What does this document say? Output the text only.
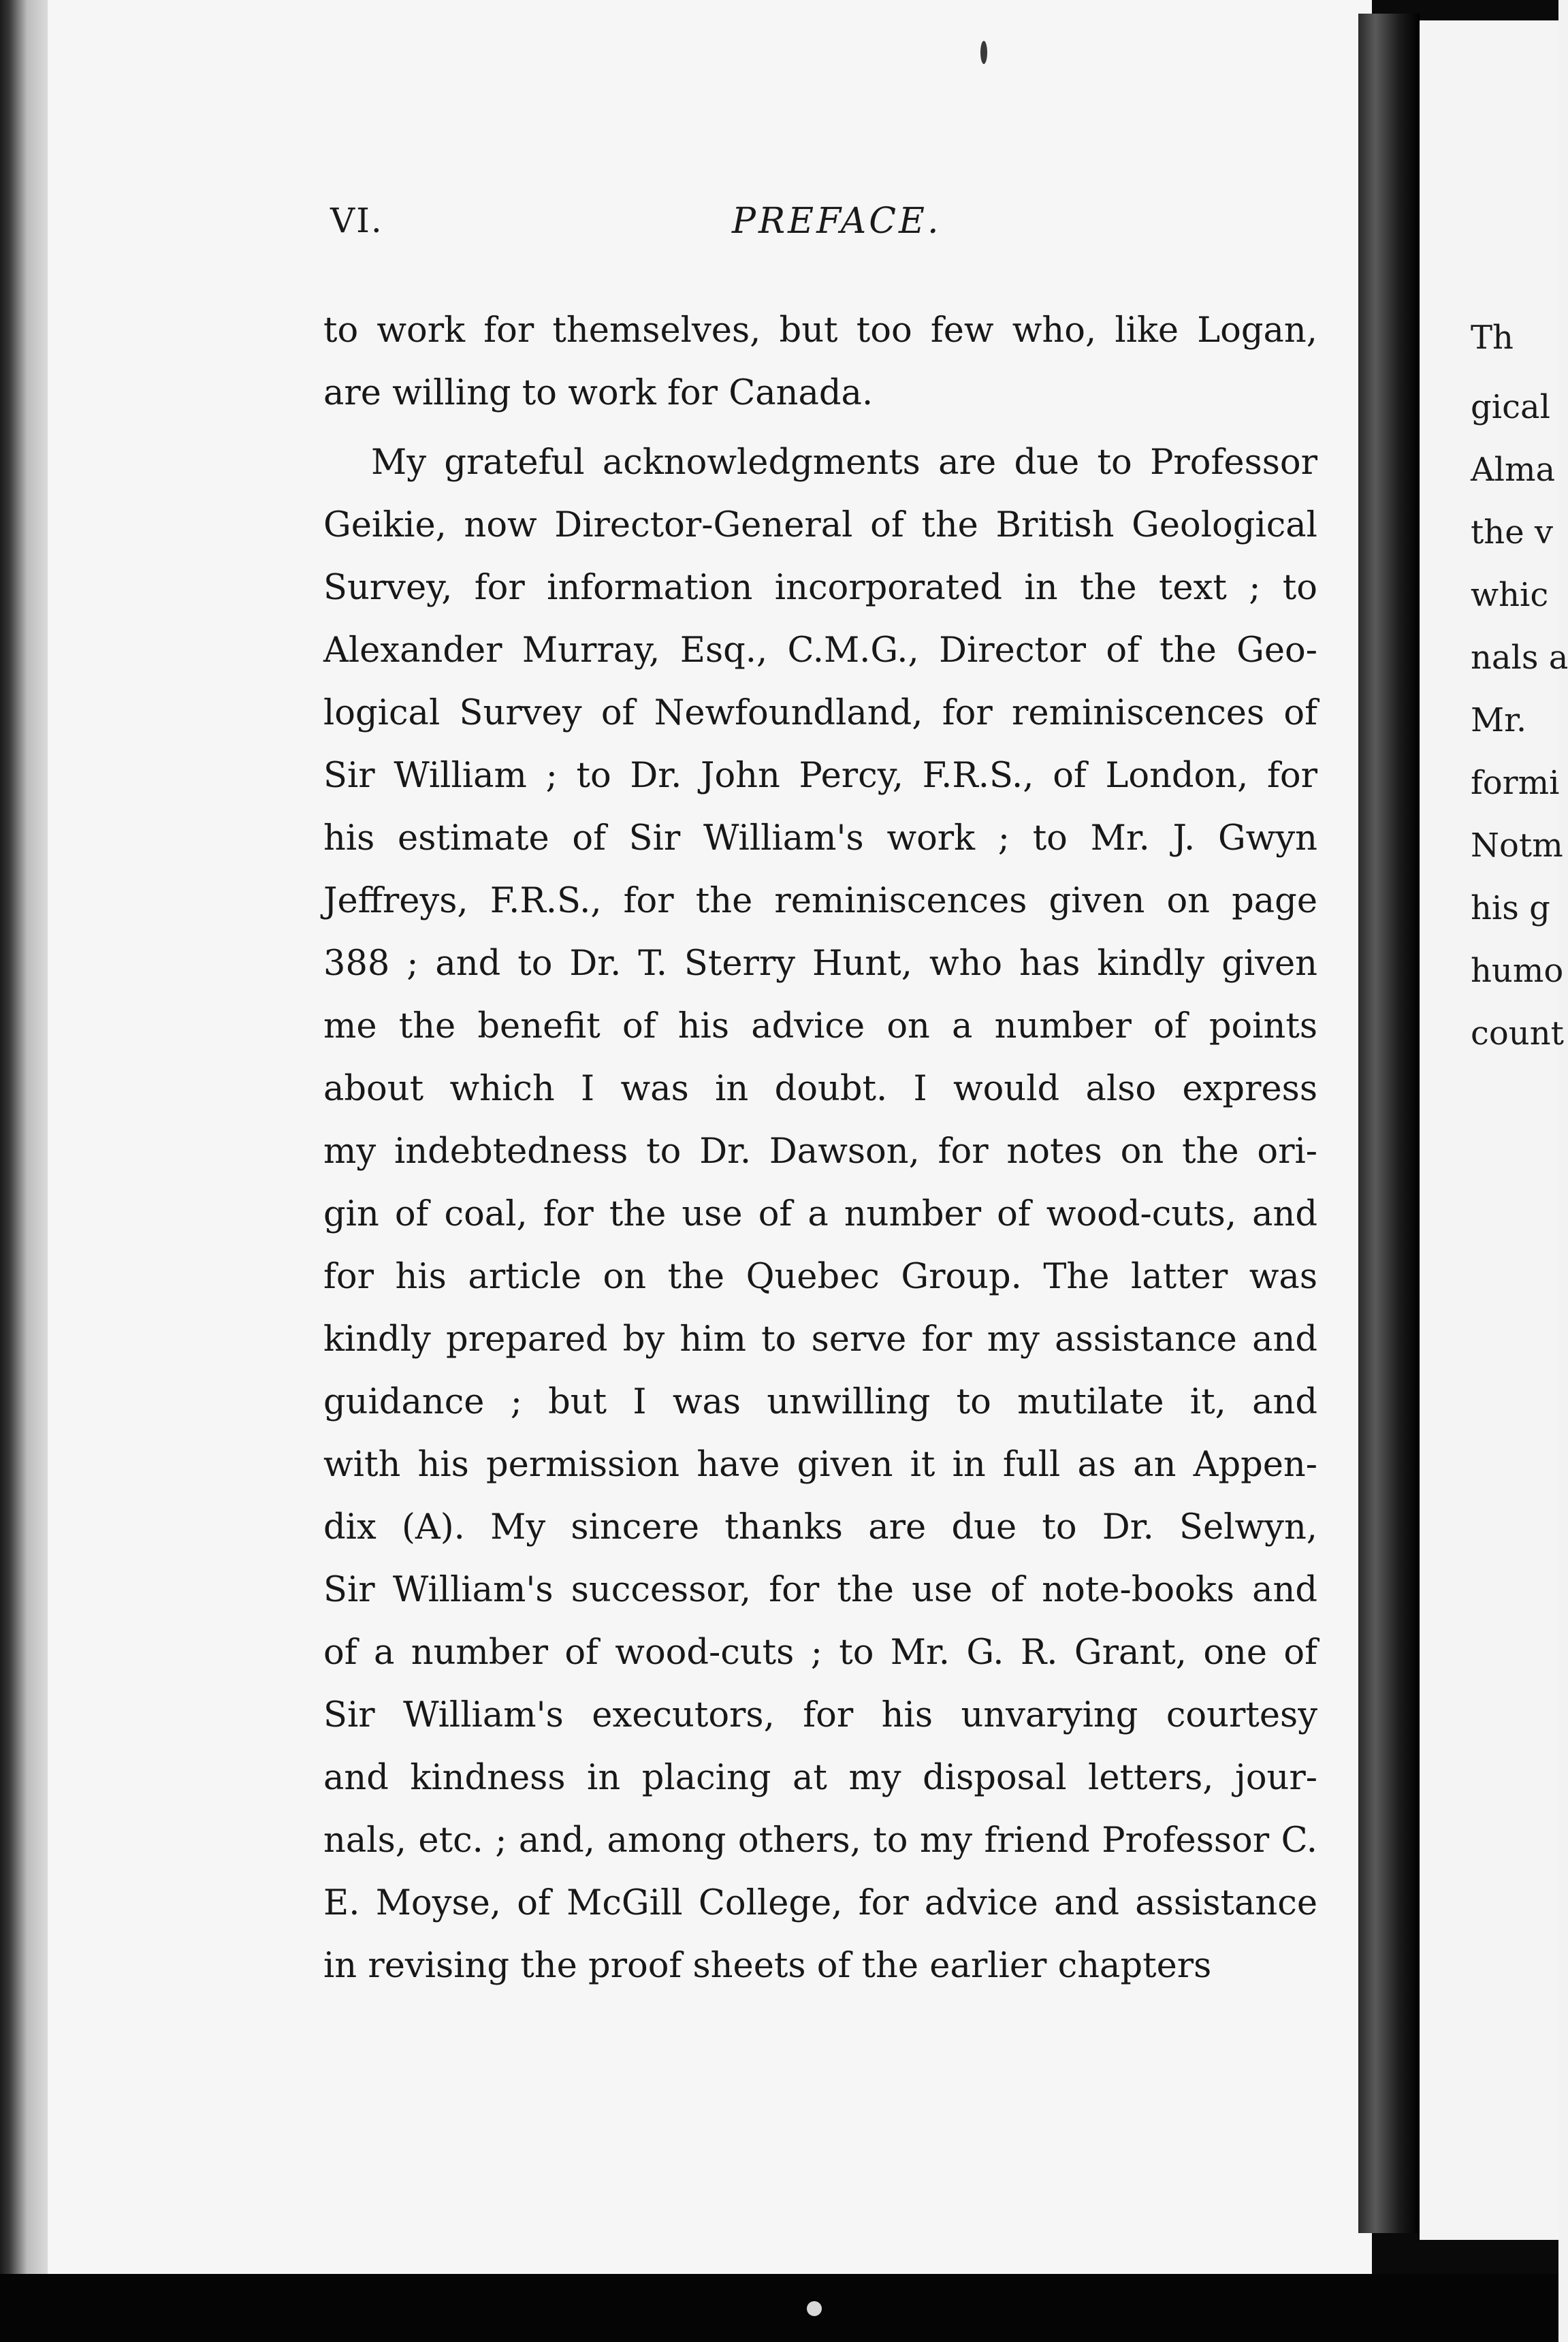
VI.	PREFACE.
to work for themselves, but too few who, like Logan,
are willing to work for Canada.
My grateful acknowledgments are due to Professor
Geikie, now Director-General of the British Geological
Survey, for information incorporated in the text ; to
Alexander Murray, Esq., C.M.G., Director of the Geo-
logical Survey of Newfoundland, for reminiscences of
Sir William ; to Dr. John Percy, F.R.S., of London, for
his estimate of Sir William's work ; to Mr. J. Gwyn
Jeffreys, F.R.S., for the reminiscences given on page
388 ; and to Dr. T. Sterry Hunt, who has kindly given
me the benefit of his advice on a number of points
about which I was in doubt. I would also express
my indebtedness to Dr. Dawson, for notes on the ori-
gin of coal, for the use of a number of wood-cuts, and
for his article on the Quebec Group. The latter was
kindly prepared by him to serve for my assistance and
guidance ; but I was unwilling to mutilate it, and
with his permission have given it in full as an Appen-
dix (A). My sincere thanks are due to Dr. Selwyn,
Sir William's successor, for the use of note-books and
of a number of wood-cuts ; to Mr. G. R. Grant, one of
Sir William's executors, for his unvarying courtesy
and kindness in placing at my disposal letters, jour-
nals, etc. ; and, among others, to my friend Professor C.
E. Moyse, of McGill College, for advice and assistance
in revising the proof sheets of the earlier chapters
Th
gical
Alma
the v
whic
nals a
Mr.
formi
Notm
his g
humo
count
